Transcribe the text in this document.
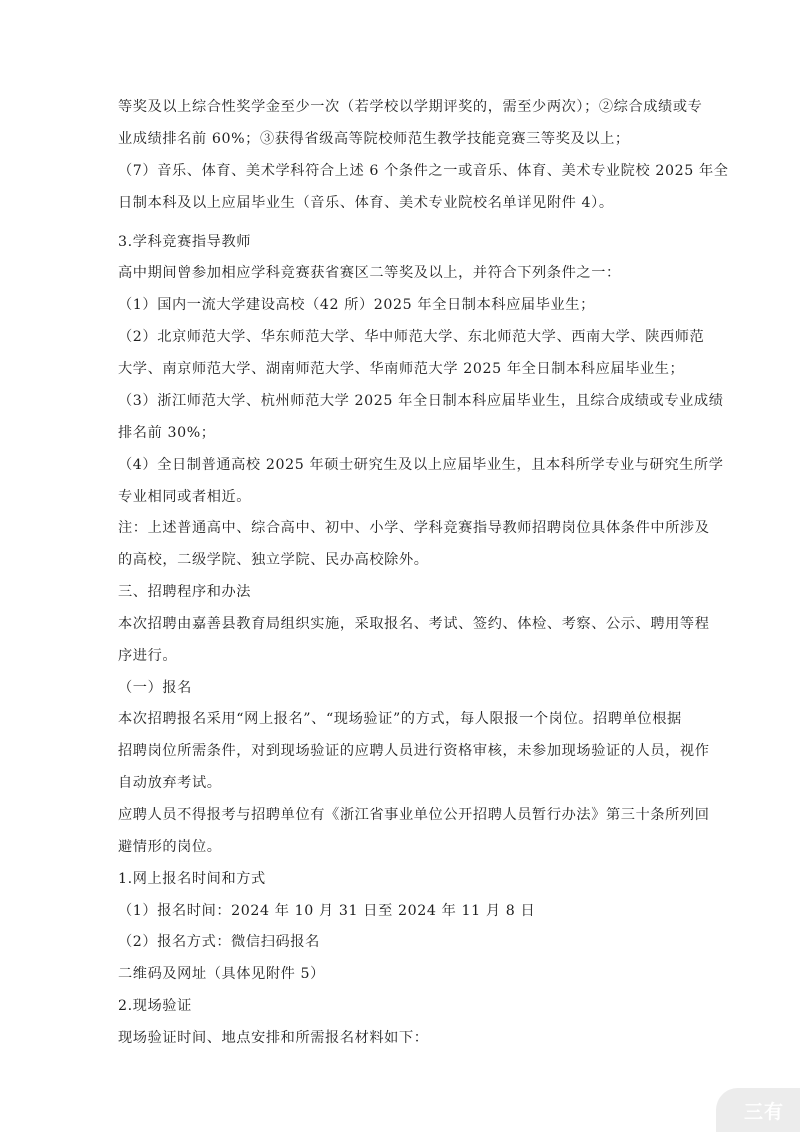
等奖及以上综合性奖学金至少一次（若学校以学期评奖的，需至少两次）；②综合成绩或专
业成绩排名前 60%；③获得省级高等院校师范生教学技能竞赛三等奖及以上；
（7）音乐、体育、美术学科符合上述 6 个条件之一或音乐、体育、美术专业院校 2025 年全
日制本科及以上应届毕业生（音乐、体育、美术专业院校名单详见附件 4）。
3.学科竞赛指导教师
高中期间曾参加相应学科竞赛获省赛区二等奖及以上，并符合下列条件之一：
（1）国内一流大学建设高校（42 所）2025 年全日制本科应届毕业生；
（2）北京师范大学、华东师范大学、华中师范大学、东北师范大学、西南大学、陕西师范
大学、南京师范大学、湖南师范大学、华南师范大学 2025 年全日制本科应届毕业生；
（3）浙江师范大学、杭州师范大学 2025 年全日制本科应届毕业生，且综合成绩或专业成绩
排名前 30%；
（4）全日制普通高校 2025 年硕士研究生及以上应届毕业生，且本科所学专业与研究生所学
专业相同或者相近。
注：上述普通高中、综合高中、初中、小学、学科竞赛指导教师招聘岗位具体条件中所涉及
的高校，二级学院、独立学院、民办高校除外。
三、招聘程序和办法
本次招聘由嘉善县教育局组织实施，采取报名、考试、签约、体检、考察、公示、聘用等程
序进行。
（一）报名
本次招聘报名采用“网上报名”、“现场验证”的方式，每人限报一个岗位。招聘单位根据
招聘岗位所需条件，对到现场验证的应聘人员进行资格审核，未参加现场验证的人员，视作
自动放弃考试。
应聘人员不得报考与招聘单位有《浙江省事业单位公开招聘人员暂行办法》第三十条所列回
避情形的岗位。
1.网上报名时间和方式
（1）报名时间：2024 年 10 月 31 日至 2024 年 11 月 8 日
（2）报名方式：微信扫码报名
二维码及网址（具体见附件 5）
2.现场验证
现场验证时间、地点安排和所需报名材料如下：
三有
